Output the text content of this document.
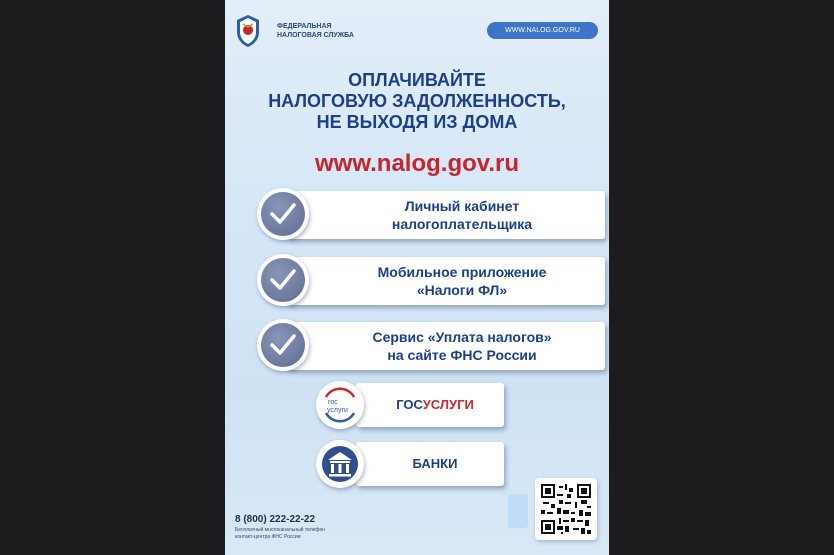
ФЕДЕРАЛЬНАЯ
НАЛОГОВАЯ СЛУЖБА
WWW.NALOG.GOV.RU
ОПЛАЧИВАЙТЕ
НАЛОГОВУЮ ЗАДОЛЖЕННОСТЬ,
НЕ ВЫХОДЯ ИЗ ДОМА
www.nalog.gov.ru
Личный кабинет
налогоплательщика
Мобильное приложение
«Налоги ФЛ»
Сервис «Уплата налогов»
на сайте ФНС России
гос
услуги	ГОСУСЛУГИ
БАНКИ
8 (800) 222-22-22
Бесплатный многоканальный телефон
контакт-центра ФНС России
